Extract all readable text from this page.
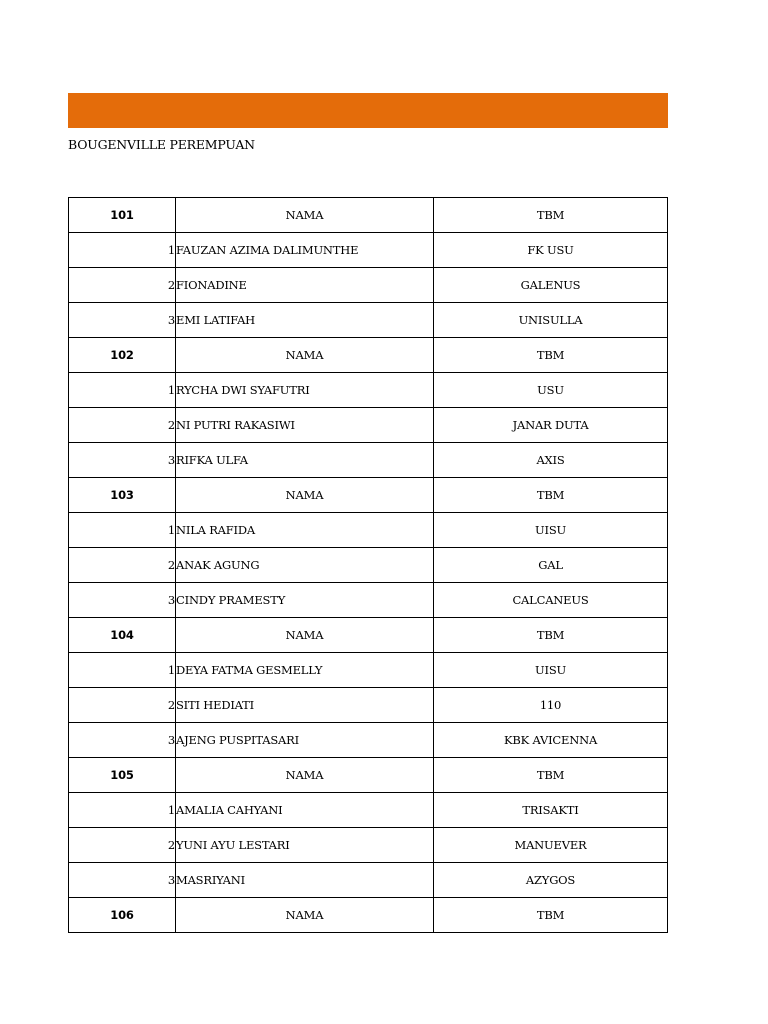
BOUGENVILLE PEREMPUAN
101	NAMA	TBM
1	FAUZAN AZIMA DALIMUNTHE	FK USU
2	FIONADINE	GALENUS
3	EMI LATIFAH	UNISULLA
102	NAMA	TBM
1	RYCHA DWI SYAFUTRI	USU
2	NI PUTRI RAKASIWI	JANAR DUTA
3	RIFKA ULFA	AXIS
103	NAMA	TBM
1	NILA RAFIDA	UISU
2	ANAK AGUNG	GAL
3	CINDY PRAMESTY	CALCANEUS
104	NAMA	TBM
1	DEYA FATMA GESMELLY	UISU
2	SITI HEDIATI	110
3	AJENG PUSPITASARI	KBK AVICENNA
105	NAMA	TBM
1	AMALIA CAHYANI	TRISAKTI
2	YUNI AYU LESTARI	MANUEVER
3	MASRIYANI	AZYGOS
106	NAMA	TBM
